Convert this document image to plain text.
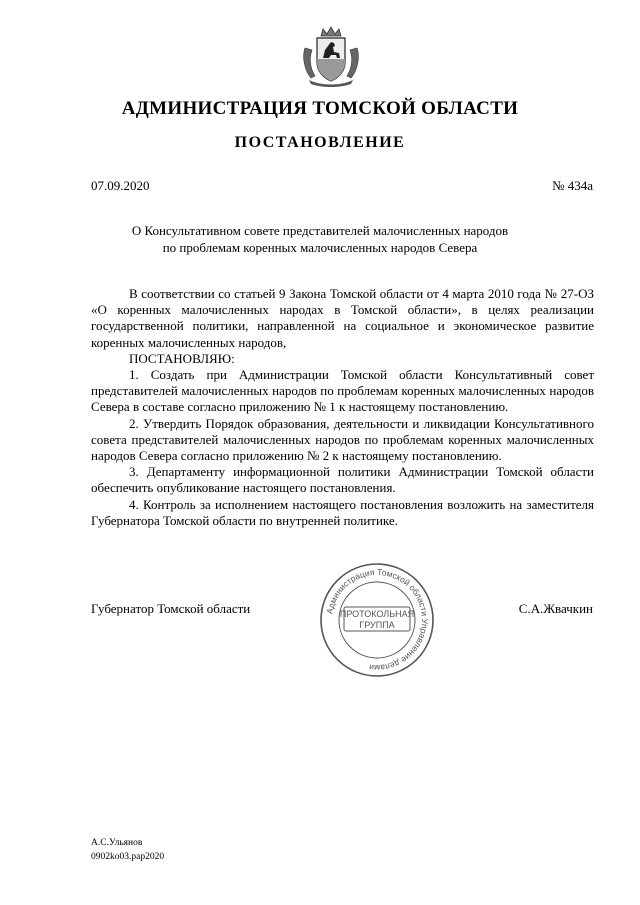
АДМИНИСТРАЦИЯ ТОМСКОЙ ОБЛАСТИ
ПОСТАНОВЛЕНИЕ
07.09.2020	№ 434а
О Консультативном совете представителей малочисленных народов
по проблемам коренных малочисленных народов Севера

В соответствии со статьей 9 Закона Томской области от 4 марта 2010 года № 27-ОЗ «О коренных малочисленных народах в Томской области», в целях реализации государственной политики, направленной на социальное и экономическое развитие коренных малочисленных народов,

ПОСТАНОВЛЯЮ:

1. Создать при Администрации Томской области Консультативный совет представителей малочисленных народов по проблемам коренных малочисленных народов Севера в составе согласно приложению № 1 к настоящему постановлению.

2. Утвердить Порядок образования, деятельности и ликвидации Консультативного совета представителей малочисленных народов по проблемам коренных малочисленных народов Севера согласно приложению № 2 к настоящему постановлению.

3. Департаменту информационной политики Администрации Томской области обеспечить опубликование настоящего постановления.

4. Контроль за исполнением настоящего постановления возложить на заместителя Губернатора Томской области по внутренней политике.

Губернатор Томской области	С.А.Жвачкин
Администрация Томской области Управление делами
ПРОТОКОЛЬНАЯ
ГРУППА
А.С.Ульянов
0902ko03.pap2020
